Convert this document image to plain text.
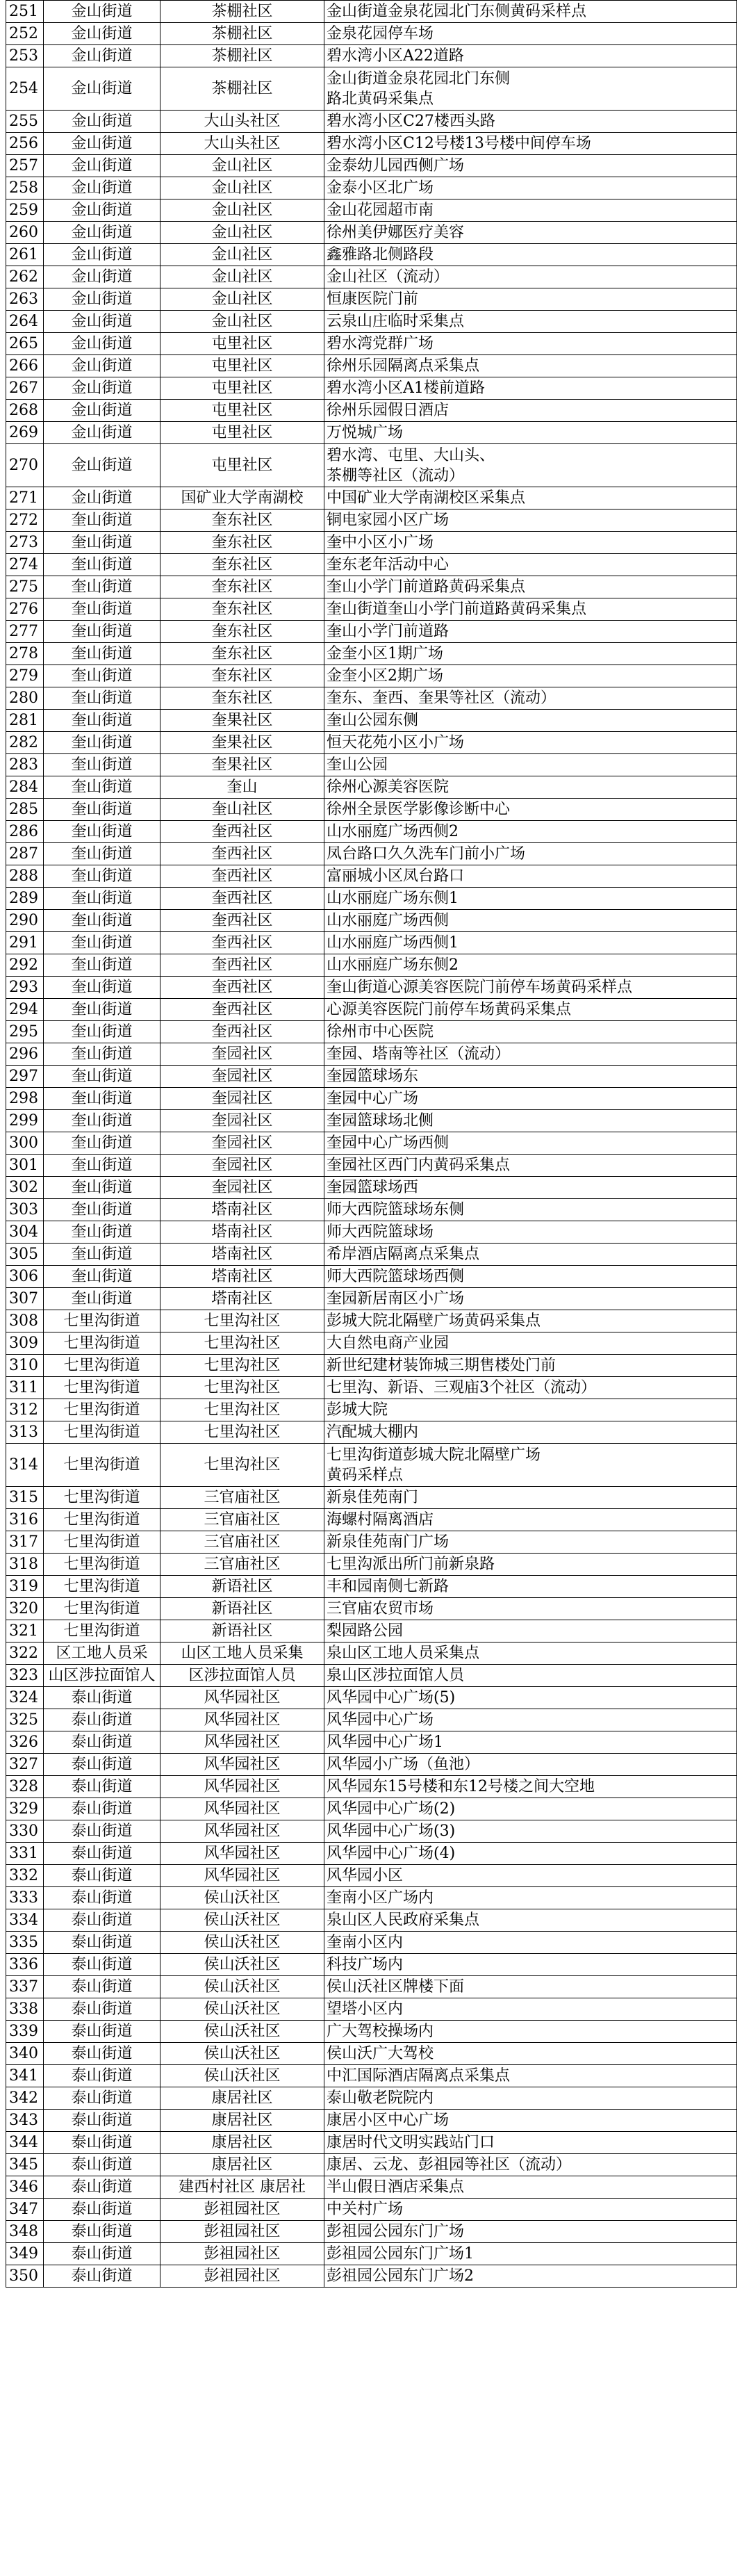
251	金山街道	茶棚社区	金山街道金泉花园北门东侧黄码采样点

252	金山街道	茶棚社区	金泉花园停车场

253	金山街道	茶棚社区	碧水湾小区A22道路

254	金山街道	茶棚社区	金山街道金泉花园北门东侧
路北黄码采集点

255	金山街道	大山头社区	碧水湾小区C27楼西头路

256	金山街道	大山头社区	碧水湾小区C12号楼13号楼中间停车场

257	金山街道	金山社区	金泰幼儿园西侧广场

258	金山街道	金山社区	金泰小区北广场

259	金山街道	金山社区	金山花园超市南

260	金山街道	金山社区	徐州美伊娜医疗美容

261	金山街道	金山社区	鑫雅路北侧路段

262	金山街道	金山社区	金山社区（流动）

263	金山街道	金山社区	恒康医院门前

264	金山街道	金山社区	云泉山庄临时采集点

265	金山街道	屯里社区	碧水湾党群广场

266	金山街道	屯里社区	徐州乐园隔离点采集点

267	金山街道	屯里社区	碧水湾小区A1楼前道路

268	金山街道	屯里社区	徐州乐园假日酒店

269	金山街道	屯里社区	万悦城广场

270	金山街道	屯里社区	碧水湾、屯里、大山头、
茶棚等社区（流动）

271	金山街道	国矿业大学南湖校	中国矿业大学南湖校区采集点

272	奎山街道	奎东社区	铜电家园小区广场

273	奎山街道	奎东社区	奎中小区小广场

274	奎山街道	奎东社区	奎东老年活动中心

275	奎山街道	奎东社区	奎山小学门前道路黄码采集点

276	奎山街道	奎东社区	奎山街道奎山小学门前道路黄码采集点

277	奎山街道	奎东社区	奎山小学门前道路

278	奎山街道	奎东社区	金奎小区1期广场

279	奎山街道	奎东社区	金奎小区2期广场

280	奎山街道	奎东社区	奎东、奎西、奎果等社区（流动）

281	奎山街道	奎果社区	奎山公园东侧

282	奎山街道	奎果社区	恒天花苑小区小广场

283	奎山街道	奎果社区	奎山公园

284	奎山街道	奎山	徐州心源美容医院

285	奎山街道	奎山社区	徐州全景医学影像诊断中心

286	奎山街道	奎西社区	山水丽庭广场西侧2

287	奎山街道	奎西社区	凤台路口久久洗车门前小广场

288	奎山街道	奎西社区	富丽城小区凤台路口

289	奎山街道	奎西社区	山水丽庭广场东侧1

290	奎山街道	奎西社区	山水丽庭广场西侧

291	奎山街道	奎西社区	山水丽庭广场西侧1

292	奎山街道	奎西社区	山水丽庭广场东侧2

293	奎山街道	奎西社区	奎山街道心源美容医院门前停车场黄码采样点

294	奎山街道	奎西社区	心源美容医院门前停车场黄码采集点

295	奎山街道	奎西社区	徐州市中心医院

296	奎山街道	奎园社区	奎园、塔南等社区（流动）

297	奎山街道	奎园社区	奎园篮球场东

298	奎山街道	奎园社区	奎园中心广场

299	奎山街道	奎园社区	奎园篮球场北侧

300	奎山街道	奎园社区	奎园中心广场西侧

301	奎山街道	奎园社区	奎园社区西门内黄码采集点

302	奎山街道	奎园社区	奎园篮球场西

303	奎山街道	塔南社区	师大西院篮球场东侧

304	奎山街道	塔南社区	师大西院篮球场

305	奎山街道	塔南社区	希岸酒店隔离点采集点

306	奎山街道	塔南社区	师大西院篮球场西侧

307	奎山街道	塔南社区	奎园新居南区小广场

308	七里沟街道	七里沟社区	彭城大院北隔壁广场黄码采集点

309	七里沟街道	七里沟社区	大自然电商产业园

310	七里沟街道	七里沟社区	新世纪建材装饰城三期售楼处门前

311	七里沟街道	七里沟社区	七里沟、新语、三观庙3个社区（流动）

312	七里沟街道	七里沟社区	彭城大院

313	七里沟街道	七里沟社区	汽配城大棚内

314	七里沟街道	七里沟社区	七里沟街道彭城大院北隔壁广场
黄码采样点

315	七里沟街道	三官庙社区	新泉佳苑南门

316	七里沟街道	三官庙社区	海螺村隔离酒店

317	七里沟街道	三官庙社区	新泉佳苑南门广场

318	七里沟街道	三官庙社区	七里沟派出所门前新泉路

319	七里沟街道	新语社区	丰和园南侧七新路

320	七里沟街道	新语社区	三官庙农贸市场

321	七里沟街道	新语社区	梨园路公园

322	区工地人员采	山区工地人员采集	泉山区工地人员采集点

323	山区涉拉面馆人	区涉拉面馆人员	泉山区涉拉面馆人员

324	泰山街道	风华园社区	风华园中心广场(5)

325	泰山街道	风华园社区	风华园中心广场

326	泰山街道	风华园社区	风华园中心广场1

327	泰山街道	风华园社区	风华园小广场（鱼池）

328	泰山街道	风华园社区	风华园东15号楼和东12号楼之间大空地

329	泰山街道	风华园社区	风华园中心广场(2)

330	泰山街道	风华园社区	风华园中心广场(3)

331	泰山街道	风华园社区	风华园中心广场(4)

332	泰山街道	风华园社区	风华园小区

333	泰山街道	侯山沃社区	奎南小区广场内

334	泰山街道	侯山沃社区	泉山区人民政府采集点

335	泰山街道	侯山沃社区	奎南小区内

336	泰山街道	侯山沃社区	科技广场内

337	泰山街道	侯山沃社区	侯山沃社区牌楼下面

338	泰山街道	侯山沃社区	望塔小区内

339	泰山街道	侯山沃社区	广大驾校操场内

340	泰山街道	侯山沃社区	侯山沃广大驾校

341	泰山街道	侯山沃社区	中汇国际酒店隔离点采集点

342	泰山街道	康居社区	泰山敬老院院内

343	泰山街道	康居社区	康居小区中心广场

344	泰山街道	康居社区	康居时代文明实践站门口

345	泰山街道	康居社区	康居、云龙、彭祖园等社区（流动）

346	泰山街道	建西村社区 康居社	半山假日酒店采集点

347	泰山街道	彭祖园社区	中关村广场

348	泰山街道	彭祖园社区	彭祖园公园东门广场

349	泰山街道	彭祖园社区	彭祖园公园东门广场1

350	泰山街道	彭祖园社区	彭祖园公园东门广场2
